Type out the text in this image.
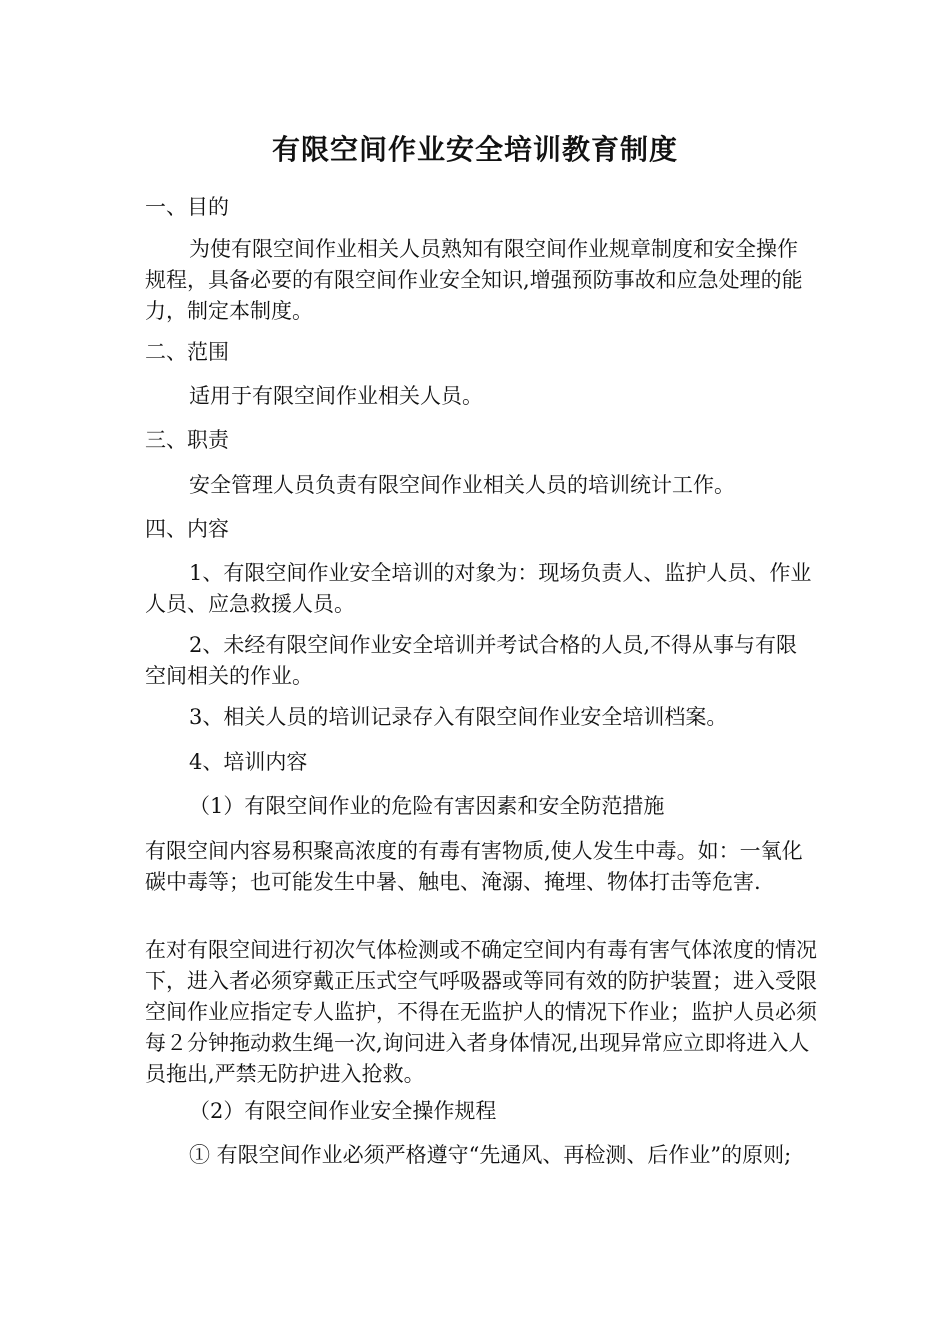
有限空间作业安全培训教育制度
一、目的
为使有限空间作业相关人员熟知有限空间作业规章制度和安全操作规程，具备必要的有限空间作业安全知识,增强预防事故和应急处理的能力，制定本制度。
二、范围
适用于有限空间作业相关人员。
三、职责
安全管理人员负责有限空间作业相关人员的培训统计工作。
四、内容
1、有限空间作业安全培训的对象为：现场负责人、监护人员、作业人员、应急救援人员。
2、未经有限空间作业安全培训并考试合格的人员,不得从事与有限空间相关的作业。
3、相关人员的培训记录存入有限空间作业安全培训档案。
4、培训内容
（1）有限空间作业的危险有害因素和安全防范措施
有限空间内容易积聚高浓度的有毒有害物质,使人发生中毒。如：一氧化碳中毒等；也可能发生中暑、触电、淹溺、掩埋、物体打击等危害.
在对有限空间进行初次气体检测或不确定空间内有毒有害气体浓度的情况下，进入者必须穿戴正压式空气呼吸器或等同有效的防护装置；进入受限空间作业应指定专人监护，不得在无监护人的情况下作业；监护人员必须每２分钟拖动救生绳一次,询问进入者身体情况,出现异常应立即将进入人员拖出,严禁无防护进入抢救。
（2）有限空间作业安全操作规程
① 有限空间作业必须严格遵守“先通风、再检测、后作业”的原则;
